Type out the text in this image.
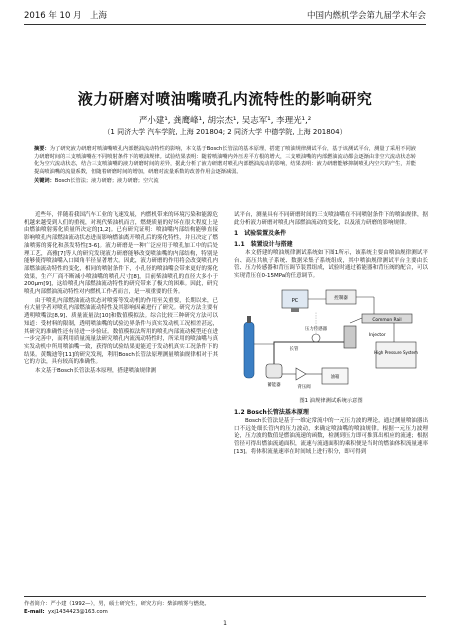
2016 年 10 月　上海	中国内燃机学会第九届学术年会
液力研磨对喷油嘴喷孔内流特性的影响研究
严小建¹, 龚鹰峰¹, 胡宗杰¹, 吴志军¹, 李理光¹,²
（1 同济大学 汽车学院, 上海 201804; 2 同济大学 中德学院, 上海 201804）
摘要：为了研究液力研磨对喷油嘴喷孔内部燃油流动特性的影响，本文基于Bosch长管法的基本原理，搭建了喷油规律测试平台，基于该测试平台，测量了采用不同液力研磨时间的三支喷油嘴在不同喷射条件下的喷油规律。试验结果表明：随着喷油嘴内外压差平方根的增大，三支喷油嘴的内部燃油流动都会逐渐由非空穴流动状态转化为空穴流动状态，结合三支喷油嘴的液力研磨时间的差异，据此分析了液力研磨对喷孔内部燃油流动的影响，结果表明：液力研磨能够抑制喷孔内空穴的产生，并能提高喷油嘴的流量系数，但随着研磨时间的增加，研磨对流量系数的改善作用会逐渐减弱。
关键词：Bosch长管法；液力研磨；液力研磨；空穴流

近些年，伴随着我国汽车工业的飞速发展，内燃机带来的环境污染和能源危机越来越受到人们的重视，对现代柴油机而言，燃烧质量的好坏在很大程度上是由燃油喷射雾化质量所决定的[1,2]。已有研究证明：喷油嘴内部结构能够直接影响喷孔内部燃油流动状态进而影响燃油离开喷孔后的雾化特性，并且决定了燃油喷雾的雾化和蒸发特性[3-6]。液力研磨是一种广泛应用于喷孔加工中的后处理工艺，高雅[7]等人的研究发现液力研磨能够改变喷油嘴的内部结构，特别是能够使得喷油嘴入口圆角半径显著增大。因此，液力研磨的作用将会改变喷孔内部燃油流动特性的变化，相同的喷射条件下，小孔径的喷油嘴会带来更好的雾化效果，生产厂商不断减小喷油嘴的喷孔尺寸[8]，目前柴油喷孔的直径大多小于200μm[9]，这给喷孔内部燃油流动特性的研究带来了极大的困难。因此，研究喷孔内部燃油流动特性对内燃机工作者而言，是一项重要的任务。

由于喷孔内部燃油流动状态对喷雾等发动机的作用至关重要，长期以来，已有大量学者对喷孔内部燃油流动特性及其影响因素进行了研究。研究方法主要有透明喷嘴法[8,9]、质量流量法[10]和数值模拟法。综合比较三种研究方法可以知道：受材料的限制，透明喷油嘴的试验边界条件与真实发动机工况相差甚远，其研究的准确性还有待进一步验证。数值模拟法所用的喷孔内部流动模型还在进一步完善中，而利用质量流量法研究喷孔内流流动特性时，所采用的喷油嘴与真实发动机中所用喷油嘴一致，获得的试验结果更能近于发动机真实工况条件下的结果。黄魏迪等[11]的研究发现，利用Bosch长管法原理测量喷油规律相对于其它的方法，具有较高的准确性。

本文基于Bosch长管法基本原理，搭建喷油规律测

试平台，测量具有不同研磨时间的三支喷油嘴在不同喷射条件下的喷油规律，据此分析液力研磨对喷孔内部燃油流动的变化，以及液力研磨的影响规律。

1　试验装置及条件
1.1　装置设计与搭建

本文搭建的喷油规律测试系统如下图1所示，该系统主要由喷油规律测试平台、高压共轨子系统、数据采集子系统组成，其中喷油规律测试平台主要由长管、压力传感器和背压调节装置组成，试验时通过蓄能器和背压阀的配合，可以实现背压在0-15MPa的任意调节。

PC	控制器
Common Rail
Injector
High Pressure System
压力传感器
长管
蓄能器	背压阀
油箱
图1 油规律测试系统示意图
1.2 Bosch长管法基本原理

Bosch长管法是基于一维定常流中的一元压力波的理论，通过测量喷油器出口不远处细长管内的压力波动，来确定喷油嘴的喷油规律。根据一元压力波理论，压力波的数值是燃油流速的函数，检测到压力即可推算出相应的流速；根据管径可得出燃油流通面积，流速与流通面积的乘积便是当时的燃油体积流量速率[13]。将体积流量速率在时间域上进行积分，即可得到

作者简介：严小建（1992—），男，硕士研究生，研究方向：柴油喷雾与燃烧。
E-mail: yxj1434423@163.com
1
